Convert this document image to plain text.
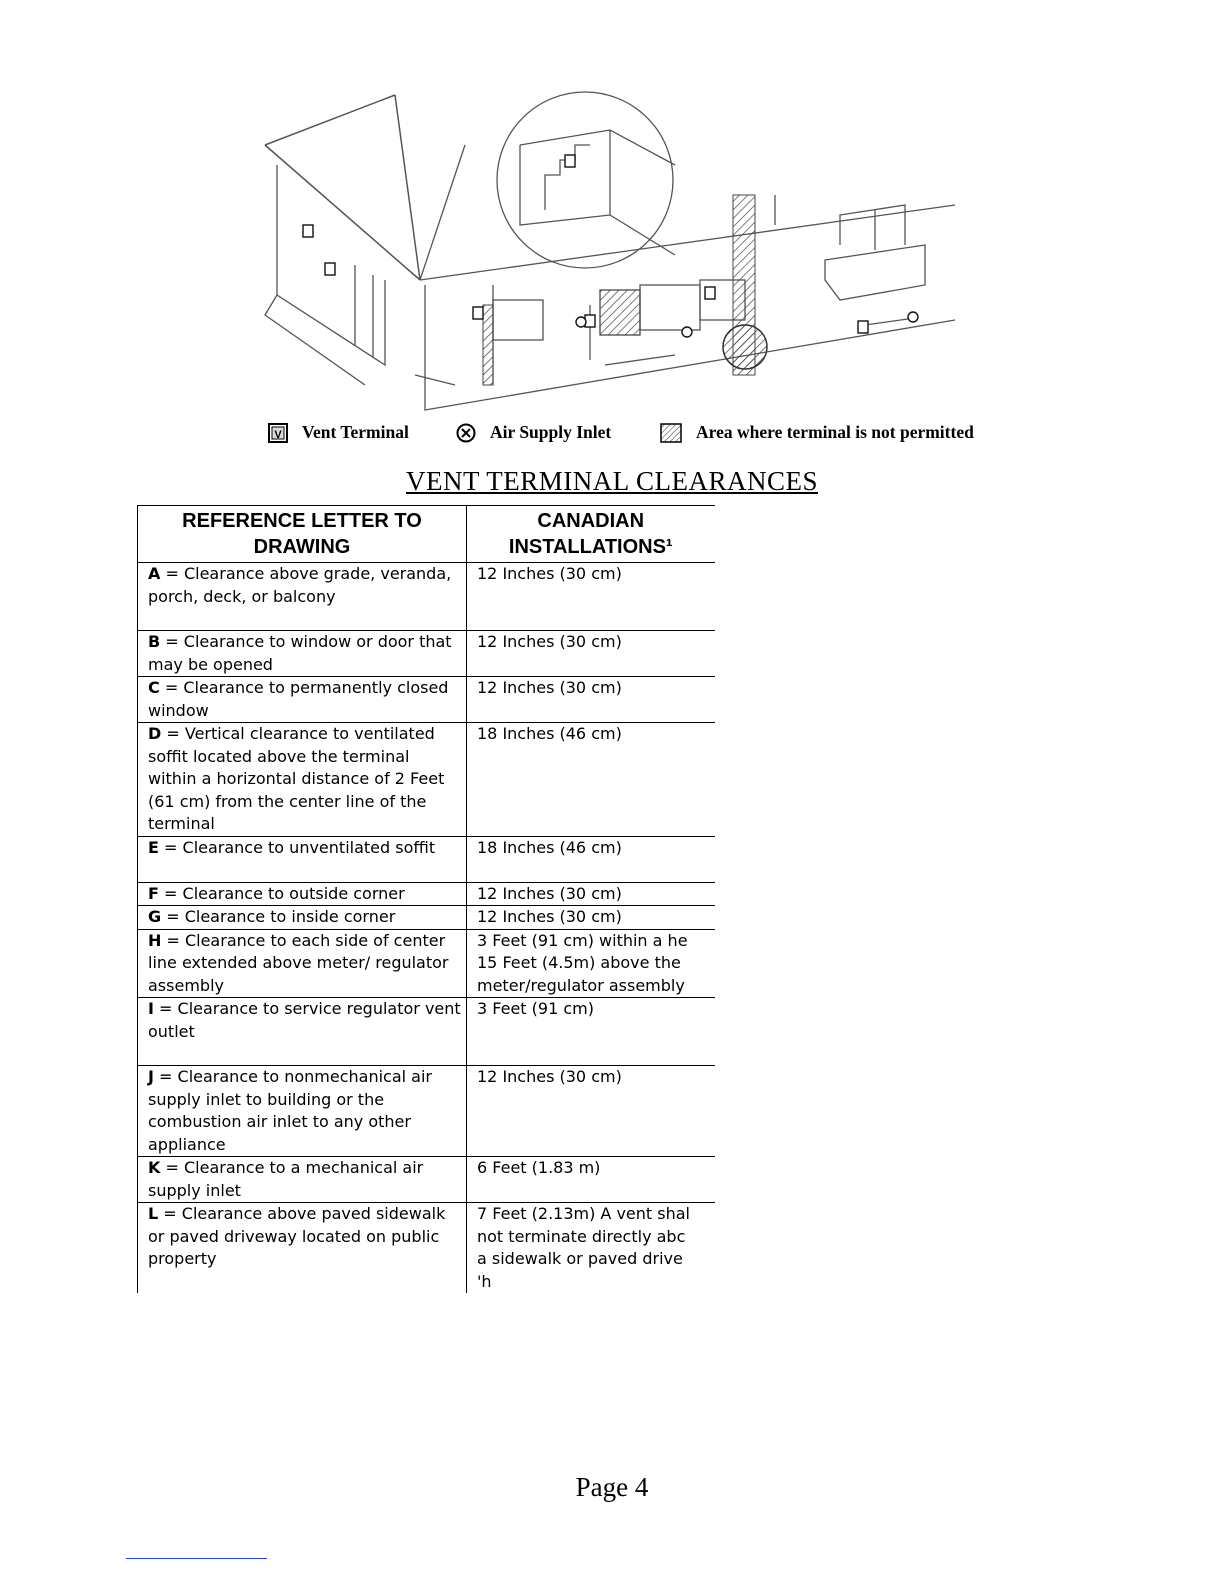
V Vent Terminal	Air Supply Inlet	Area where terminal is not permitted
VENT TERMINAL CLEARANCES
REFERENCE LETTER TO DRAWING	CANADIAN INSTALLATIONS¹
A = Clearance above grade, veranda, porch, deck, or balcony	12 Inches (30 cm)
B = Clearance to window or door that may be opened	12 Inches (30 cm)
C = Clearance to permanently closed window	12 Inches (30 cm)
D = Vertical clearance to ventilated soffit located above the terminal within a horizontal distance of 2 Feet (61 cm) from the center line of the terminal	18 Inches (46 cm)
E = Clearance to unventilated soffit	18 Inches (46 cm)
F = Clearance to outside corner	12 Inches (30 cm)
G = Clearance to inside corner	12 Inches (30 cm)
H = Clearance to each side of center line extended above meter/ regulator assembly	3 Feet (91 cm) within a he
15 Feet (4.5m) above the
meter/regulator assembly
I = Clearance to service regulator vent outlet	3 Feet (91 cm)
J = Clearance to nonmechanical air supply inlet to building or the combustion air inlet to any other appliance	12 Inches (30 cm)
K = Clearance to a mechanical air supply inlet	6 Feet (1.83 m)
L = Clearance above paved sidewalk or paved driveway located on public property	7 Feet (2.13m) A vent shal
not terminate directly abc
a sidewalk or paved drive
'h
Page 4
